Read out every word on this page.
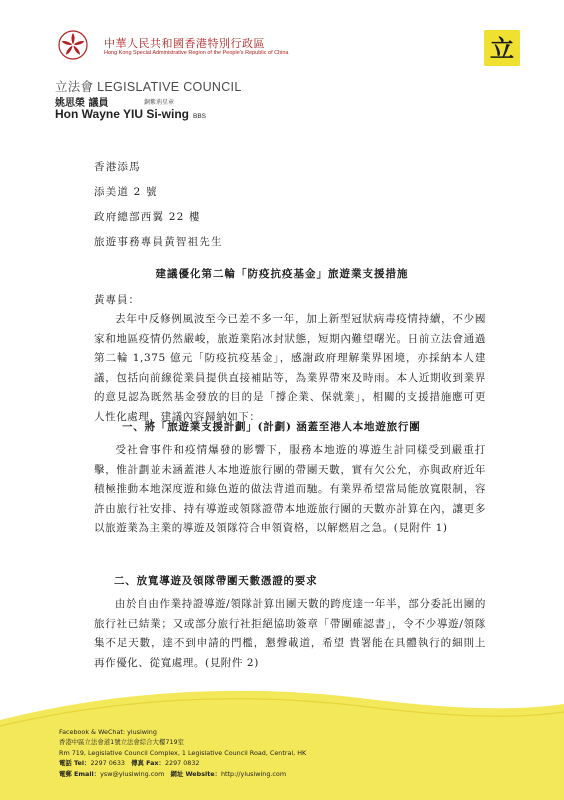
中華人民共和國香港特別行政區
Hong Kong Special Administrative Region of the People's Republic of China	立
立法會 LEGISLATIVE COUNCIL
姚思榮 議員	銅紫荊星章
Hon Wayne YIU Si-wing BBS
香港添馬
添美道 2 號
政府總部西翼 22 樓
旅遊事務專員黃智祖先生
建議優化第二輪「防疫抗疫基金」旅遊業支援措施
黃專員：
去年中反修例風波至今已差不多一年，加上新型冠狀病毒疫情持續，不少國家和地區疫情仍然嚴峻，旅遊業陷冰封狀態，短期內難望曙光。日前立法會通過第二輪 1,375 億元「防疫抗疫基金」，感謝政府理解業界困境，亦採納本人建議，包括向前線從業員提供直接補貼等，為業界帶來及時雨。本人近期收到業界的意見認為既然基金發放的目的是「撐企業、保就業」，相關的支援措施應可更人性化處理，建議內容歸納如下：
一、將「旅遊業支援計劃」(計劃) 涵蓋至港人本地遊旅行團
受社會事件和疫情爆發的影響下，服務本地遊的導遊生計同樣受到嚴重打擊，惟計劃並未涵蓋港人本地遊旅行團的帶團天數，實有欠公允，亦與政府近年積極推動本地深度遊和綠色遊的做法背道而馳。有業界希望當局能放寬限制，容許由旅行社安排、持有導遊或領隊證帶本地遊旅行團的天數亦計算在內，讓更多以旅遊業為主業的導遊及領隊符合申領資格，以解燃眉之急。(見附件 1)
二、放寬導遊及領隊帶團天數憑證的要求
由於自由作業持證導遊/領隊計算出團天數的跨度達一年半，部分委託出團的旅行社已結業；又或部分旅行社拒絕協助簽章「帶團確認書」，令不少導遊/領隊集不足天數，達不到申請的門檻，懇聲載道，希望 貴署能在具體執行的細則上再作優化、從寬處理。(見附件 2)
Facebook & WeChat: yiusiwing
香港中區立法會道1號立法會綜合大樓719室
Rm 719, Legislative Council Complex, 1 Legislative Council Road, Central, HK
電話 Tel：2297 0633 傳真 Fax：2297 0832
電郵 Email：ysw@yiusiwing.com 網址 Website：http://yiusiwing.com
